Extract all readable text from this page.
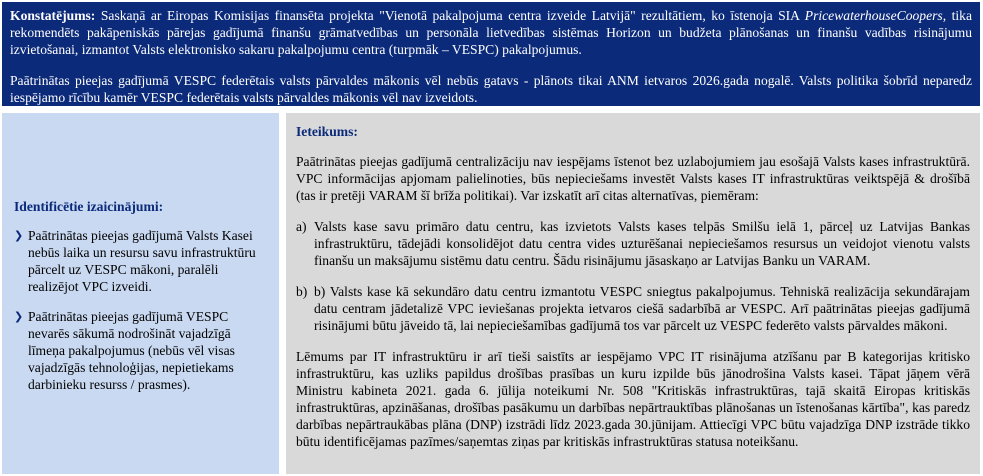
Konstatējums: Saskaņā ar Eiropas Komisijas finansēta projekta "Vienotā pakalpojuma centra izveide Latvijā" rezultātiem, ko īstenoja SIA PricewaterhouseCoopers, tika rekomendēts pakāpeniskās pārejas gadījumā finanšu grāmatvedības un personāla lietvedības sistēmas Horizon un budžeta plānošanas un finanšu vadības risinājumu izvietošanai, izmantot Valsts elektronisko sakaru pakalpojumu centra (turpmāk – VESPC) pakalpojumus.

Paātrinātas pieejas gadījumā VESPC federētais valsts pārvaldes mākonis vēl nebūs gatavs - plānots tikai ANM ietvaros 2026.gada nogalē. Valsts politika šobrīd neparedz iespējamo rīcību kamēr VESPC federētais valsts pārvaldes mākonis vēl nav izveidots.

Identificētie izaicinājumi:
❯ Paātrinātas pieejas gadījumā Valsts Kasei nebūs laika un resursu savu infrastruktūru pārcelt uz VESPC mākoni, paralēli realizējot VPC izveidi.
❯ Paātrinātas pieejas gadījumā VESPC nevarēs sākumā nodrošināt vajadzīgā līmeņa pakalpojumus (nebūs vēl visas vajadzīgās tehnoloģijas, nepietiekams darbinieku resurss / prasmes).
Ieteikums:

Paātrinātas pieejas gadījumā centralizāciju nav iespējams īstenot bez uzlabojumiem jau esošajā Valsts kases infrastruktūrā. VPC informācijas apjomam palielinoties, būs nepieciešams investēt Valsts kases IT infrastruktūras veiktspējā & drošībā (tas ir pretēji VARAM šī brīža politikai). Var izskatīt arī citas alternatīvas, piemēram:

a) Valsts kase savu primāro datu centru, kas izvietots Valsts kases telpās Smilšu ielā 1, pārceļ uz Latvijas Bankas infrastruktūru, tādejādi konsolidējot datu centra vides uzturēšanai nepieciešamos resursus un veidojot vienotu valsts finanšu un maksājumu sistēmu datu centru. Šādu risinājumu jāsaskaņo ar Latvijas Banku un VARAM.
b) b) Valsts kase kā sekundāro datu centru izmantotu VESPC sniegtus pakalpojumus. Tehniskā realizācija sekundārajam datu centram jādetalizē VPC ieviešanas projekta ietvaros ciešā sadarbībā ar VESPC. Arī paātrinātas pieejas gadījumā risinājumi būtu jāveido tā, lai nepieciešamības gadījumā tos var pārcelt uz VESPC federēto valsts pārvaldes mākoni.

Lēmums par IT infrastruktūru ir arī tieši saistīts ar iespējamo VPC IT risinājuma atzīšanu par B kategorijas kritisko infrastruktūru, kas uzliks papildus drošības prasības un kuru izpilde būs jānodrošina Valsts kasei. Tāpat jāņem vērā Ministru kabineta 2021. gada 6. jūlija noteikumi Nr. 508 "Kritiskās infrastruktūras, tajā skaitā Eiropas kritiskās infrastruktūras, apzināšanas, drošības pasākumu un darbības nepārtrauktības plānošanas un īstenošanas kārtība", kas paredz darbības nepārtraukābas plāna (DNP) izstrādi līdz 2023.gada 30.jūnijam. Attiecīgi VPC būtu vajadzīga DNP izstrāde tikko būtu identificējamas pazīmes/saņemtas ziņas par kritiskās infrastruktūras statusa noteikšanu.
